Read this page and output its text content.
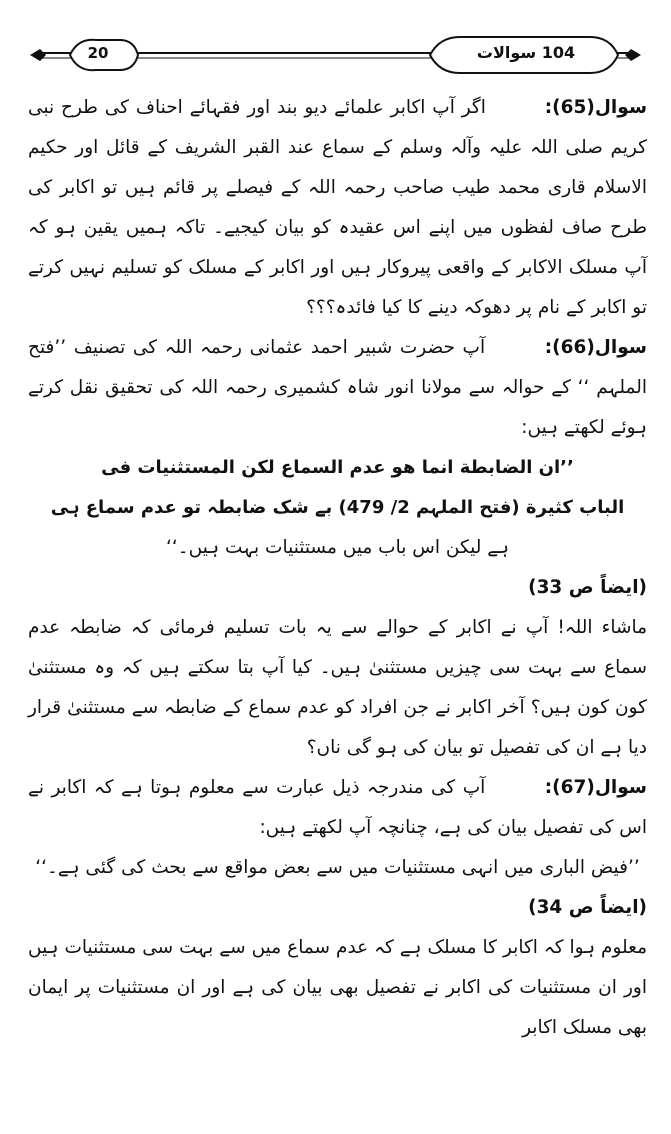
20	104 سوالات

سوال(65): اگر آپ اکابر علمائے دیو بند اور فقہائے احناف کی طرح نبی کریم صلی اللہ علیہ وآلہ وسلم کے سماع عند القبر الشریف کے قائل اور حکیم الاسلام قاری محمد طیب صاحب رحمہ اللہ کے فیصلے پر قائم ہیں تو اکابر کی طرح صاف لفظوں میں اپنے اس عقیدہ کو بیان کیجیے۔ تاکہ ہمیں یقین ہو کہ آپ مسلک الاکابر کے واقعی پیروکار ہیں اور اکابر کے مسلک کو تسلیم نہیں کرتے تو اکابر کے نام پر دھوکہ دینے کا کیا فائدہ؟؟؟

سوال(66): آپ حضرت شبیر احمد عثمانی رحمہ اللہ کی تصنیف ’’فتح الملہم ‘‘ کے حوالہ سے مولانا انور شاہ کشمیری رحمہ اللہ کی تحقیق نقل کرتے ہوئے لکھتے ہیں:

’’ان الضابطة انما هو عدم السماع لكن المستثنيات فى

الباب كثيرة (فتح الملہم 2/ 479) بے شک ضابطہ تو عدم سماع ہی

ہے لیکن اس باب میں مستثنیات بہت ہیں۔‘‘

(ایضاً ص 33)

ماشاء اللہ! آپ نے اکابر کے حوالے سے یہ بات تسلیم فرمائی کہ ضابطہ عدم سماع سے بہت سی چیزیں مستثنیٰ ہیں۔ کیا آپ بتا سکتے ہیں کہ وہ مستثنیٰ کون کون ہیں؟ آخر اکابر نے جن افراد کو عدم سماع کے ضابطہ سے مستثنیٰ قرار دیا ہے ان کی تفصیل تو بیان کی ہو گی ناں؟

سوال(67): آپ کی مندرجہ ذیل عبارت سے معلوم ہوتا ہے کہ اکابر نے اس کی تفصیل بیان کی ہے، چنانچہ آپ لکھتے ہیں:

’’فیض الباری میں انہی مستثنیات میں سے بعض مواقع سے بحث کی گئی ہے۔‘‘

(ایضاً ص 34)

معلوم ہوا کہ اکابر کا مسلک ہے کہ عدم سماع میں سے بہت سی مستثنیات ہیں اور ان مستثنیات کی اکابر نے تفصیل بھی بیان کی ہے اور ان مستثنیات پر ایمان بھی مسلک اکابر
